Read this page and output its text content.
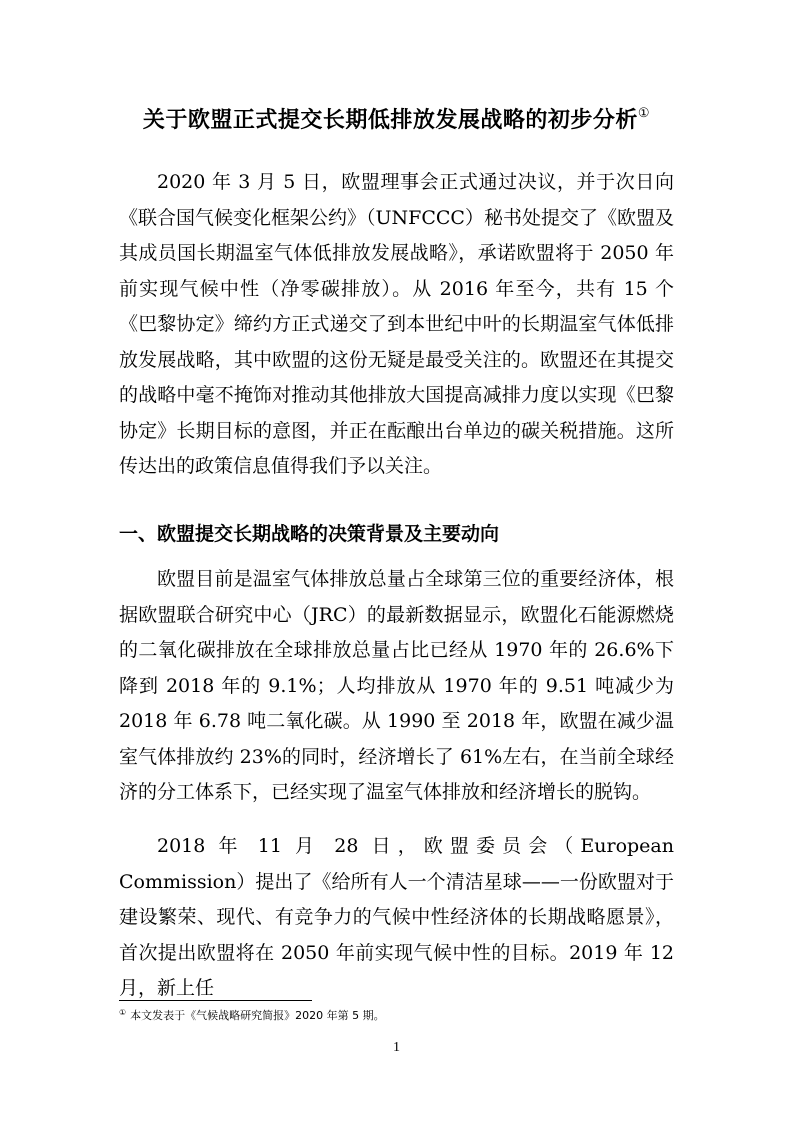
关于欧盟正式提交长期低排放发展战略的初步分析①

2020 年 3 月 5 日，欧盟理事会正式通过决议，并于次日向《联合国气候变化框架公约》（UNFCCC）秘书处提交了《欧盟及其成员国长期温室气体低排放发展战略》，承诺欧盟将于 2050 年前实现气候中性（净零碳排放）。从 2016 年至今，共有 15 个《巴黎协定》缔约方正式递交了到本世纪中叶的长期温室气体低排放发展战略，其中欧盟的这份无疑是最受关注的。欧盟还在其提交的战略中毫不掩饰对推动其他排放大国提高减排力度以实现《巴黎协定》长期目标的意图，并正在酝酿出台单边的碳关税措施。这所传达出的政策信息值得我们予以关注。

一、欧盟提交长期战略的决策背景及主要动向

欧盟目前是温室气体排放总量占全球第三位的重要经济体，根据欧盟联合研究中心（JRC）的最新数据显示，欧盟化石能源燃烧的二氧化碳排放在全球排放总量占比已经从 1970 年的 26.6%下降到 2018 年的 9.1%；人均排放从 1970 年的 9.51 吨减少为 2018 年 6.78 吨二氧化碳。从 1990 至 2018 年，欧盟在减少温室气体排放约 23%的同时，经济增长了 61%左右，在当前全球经济的分工体系下，已经实现了温室气体排放和经济增长的脱钩。

2018 年 11 月 28 日，欧盟委员会（European Commission）提出了《给所有人一个清洁星球——一份欧盟对于建设繁荣、现代、有竞争力的气候中性经济体的长期战略愿景》，首次提出欧盟将在 2050 年前实现气候中性的目标。2019 年 12 月，新上任

① 本文发表于《气候战略研究简报》2020 年第 5 期。

1
